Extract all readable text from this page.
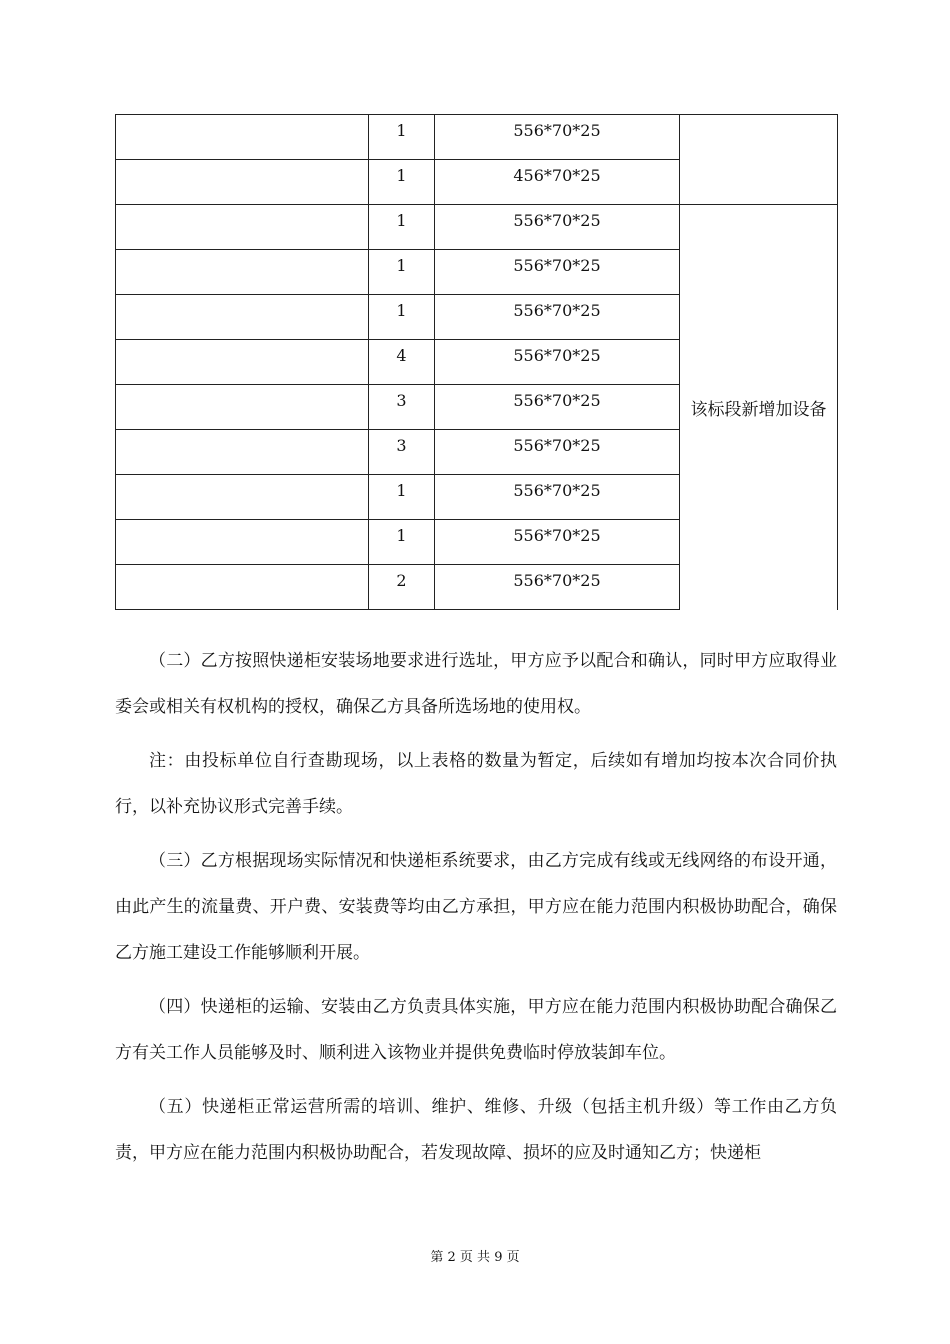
	1	556*70*25	
	1	456*70*25	
	1	556*70*25	该标段新增加设备
	1	556*70*25	
	1	556*70*25	
	4	556*70*25	
	3	556*70*25	
	3	556*70*25	
	1	556*70*25	
	1	556*70*25	
	2	556*70*25	

（二）乙方按照快递柜安装场地要求进行选址，甲方应予以配合和确认，同时甲方应取得业委会或相关有权机构的授权，确保乙方具备所选场地的使用权。

注：由投标单位自行查勘现场，以上表格的数量为暂定，后续如有增加均按本次合同价执行，以补充协议形式完善手续。

（三）乙方根据现场实际情况和快递柜系统要求，由乙方完成有线或无线网络的布设开通，由此产生的流量费、开户费、安装费等均由乙方承担，甲方应在能力范围内积极协助配合，确保乙方施工建设工作能够顺利开展。

（四）快递柜的运输、安装由乙方负责具体实施，甲方应在能力范围内积极协助配合确保乙方有关工作人员能够及时、顺利进入该物业并提供免费临时停放装卸车位。

（五）快递柜正常运营所需的培训、维护、维修、升级（包括主机升级）等工作由乙方负责，甲方应在能力范围内积极协助配合，若发现故障、损坏的应及时通知乙方；快递柜

第 2 页 共 9 页
